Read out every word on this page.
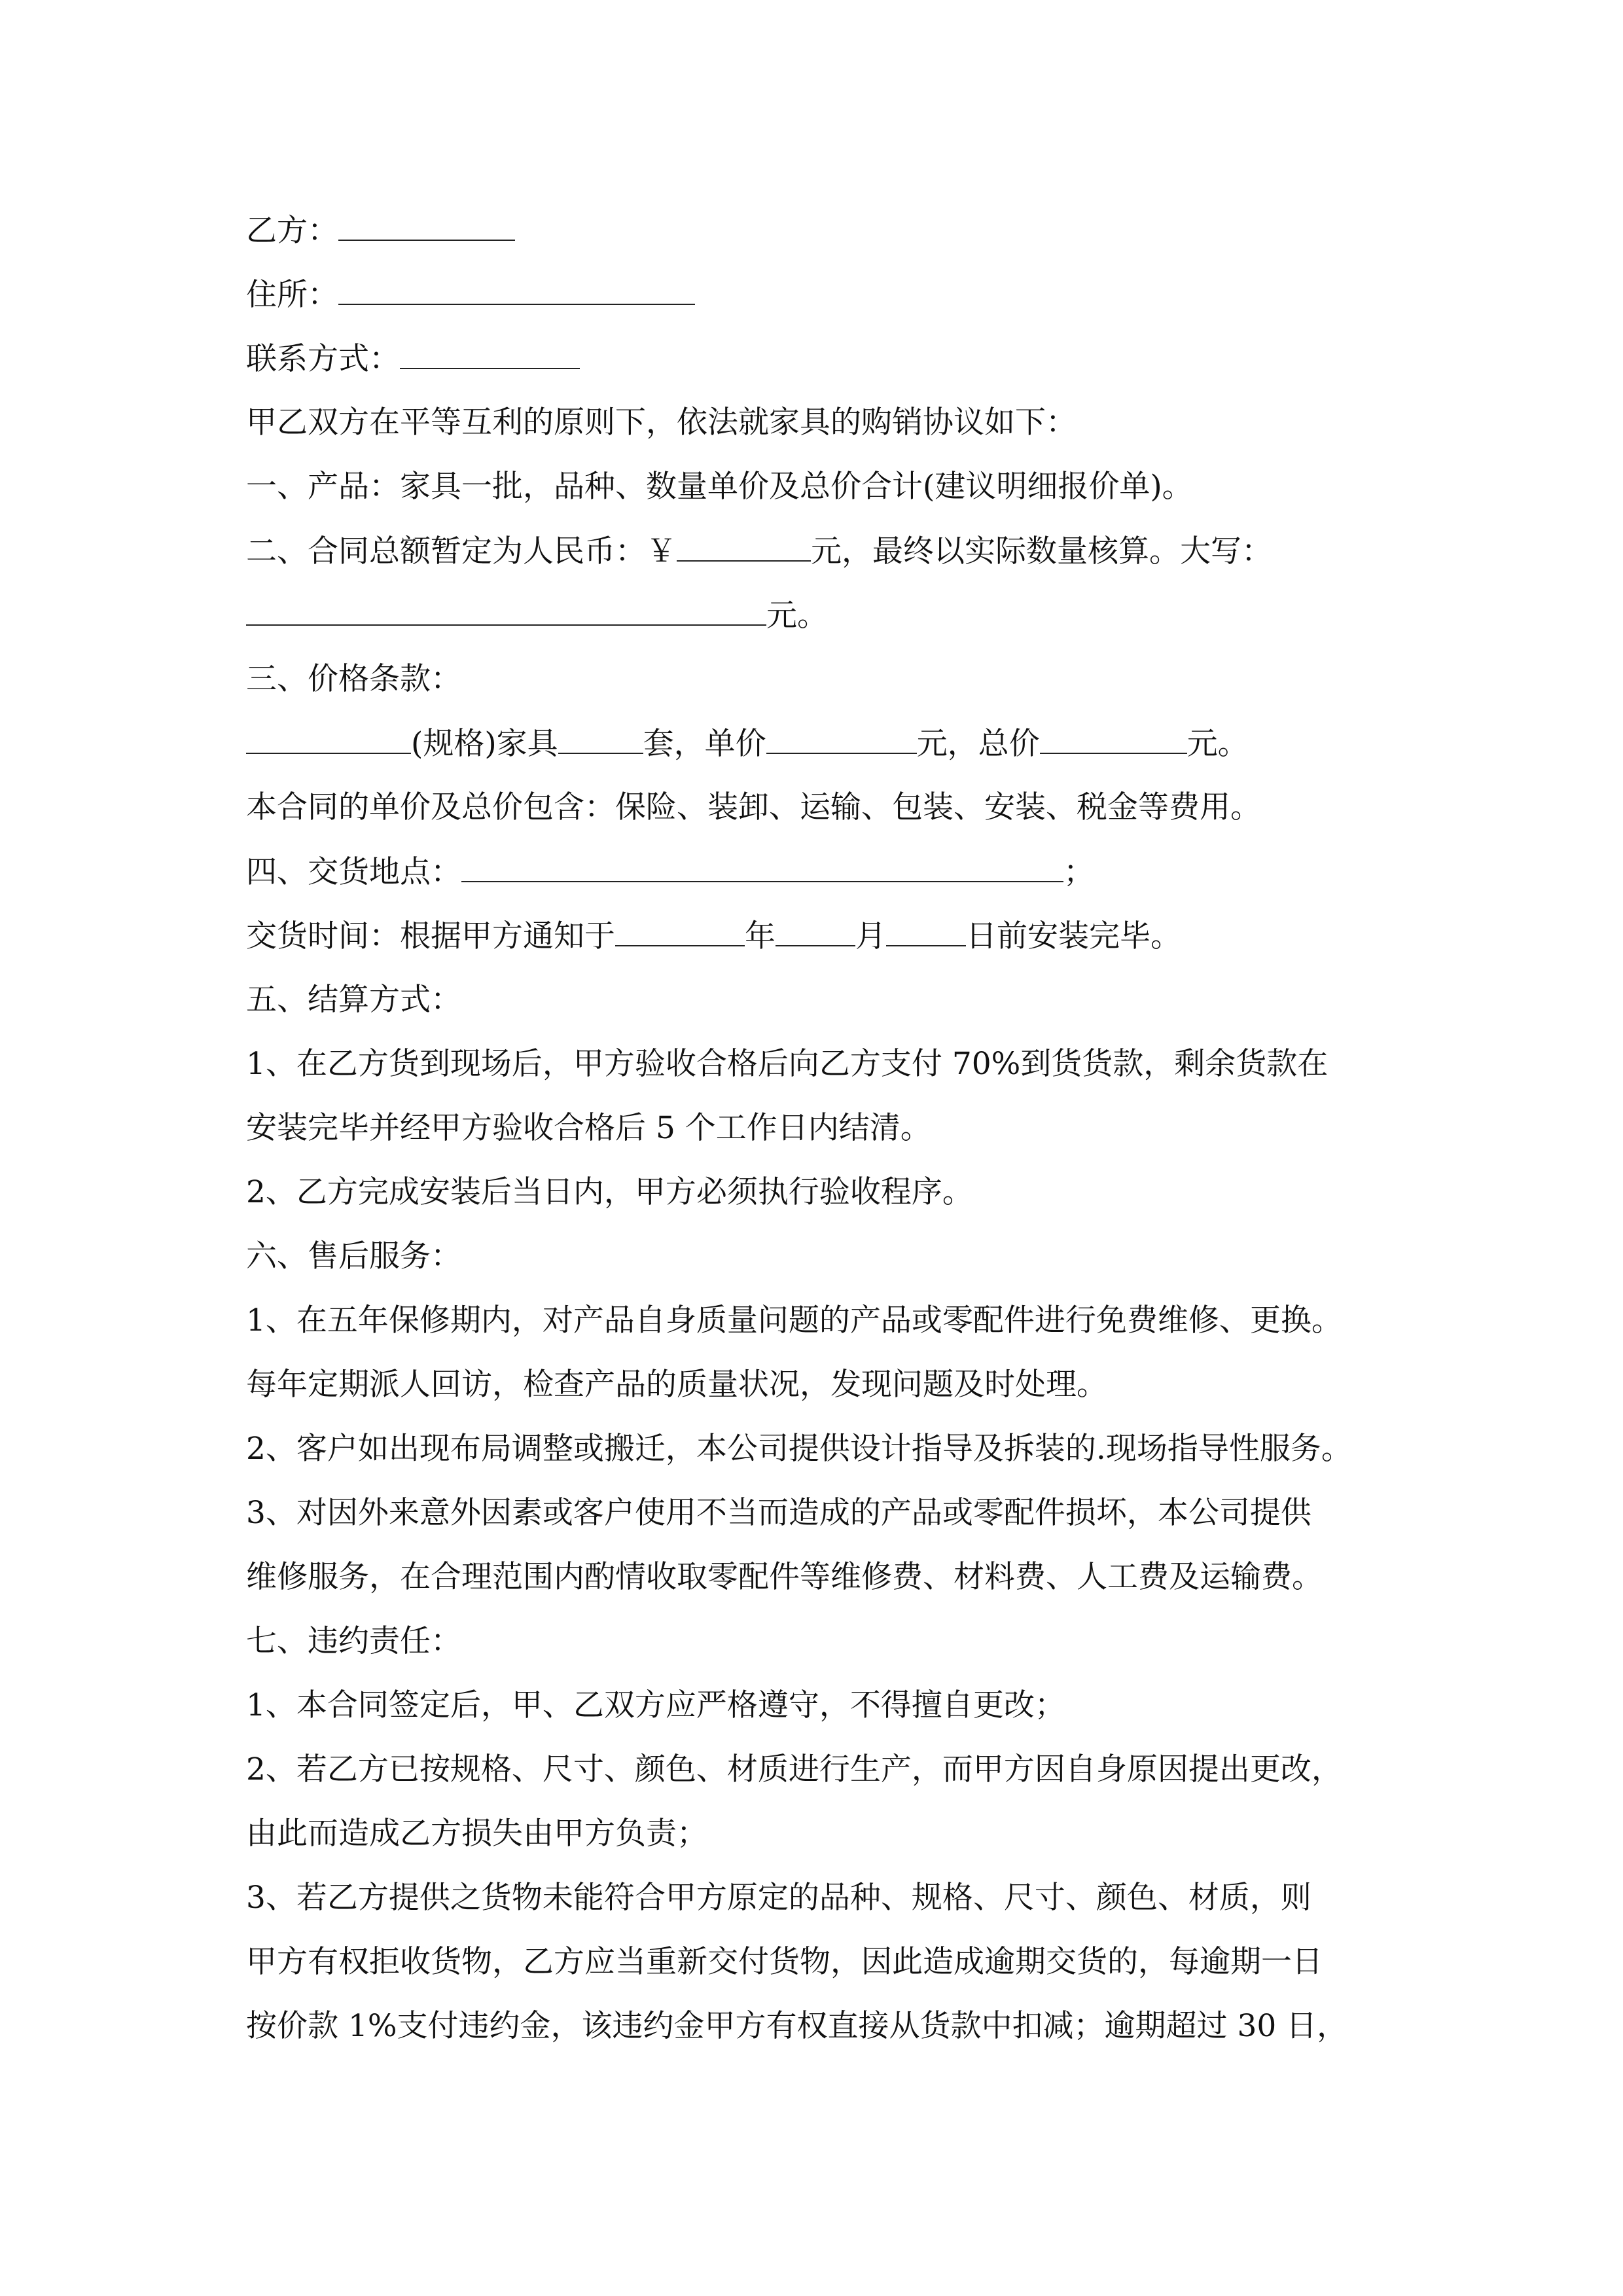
乙方：

住所：

联系方式：

甲乙双方在平等互利的原则下，依法就家具的购销协议如下：

一、产品：家具一批，品种、数量单价及总价合计(建议明细报价单)。

二、合同总额暂定为人民币：￥	元，最终以实际数量核算。大写：

元。

三、价格条款：

(规格)家具	套，单价	元，总价	元。

本合同的单价及总价包含：保险、装卸、运输、包装、安装、税金等费用。

四、交货地点：	；

交货时间：根据甲方通知于	年	月	日前安装完毕。

五、结算方式：

1、在乙方货到现场后，甲方验收合格后向乙方支付 70%到货货款，剩余货款在

安装完毕并经甲方验收合格后 5 个工作日内结清。

2、乙方完成安装后当日内，甲方必须执行验收程序。

六、售后服务：

1、在五年保修期内，对产品自身质量问题的产品或零配件进行免费维修、更换。

每年定期派人回访，检查产品的质量状况，发现问题及时处理。

2、客户如出现布局调整或搬迁，本公司提供设计指导及拆装的.现场指导性服务。

3、对因外来意外因素或客户使用不当而造成的产品或零配件损坏，本公司提供

维修服务，在合理范围内酌情收取零配件等维修费、材料费、人工费及运输费。

七、违约责任：

1、本合同签定后，甲、乙双方应严格遵守，不得擅自更改；

2、若乙方已按规格、尺寸、颜色、材质进行生产，而甲方因自身原因提出更改，

由此而造成乙方损失由甲方负责；

3、若乙方提供之货物未能符合甲方原定的品种、规格、尺寸、颜色、材质，则

甲方有权拒收货物，乙方应当重新交付货物，因此造成逾期交货的，每逾期一日

按价款 1%支付违约金，该违约金甲方有权直接从货款中扣减；逾期超过 30 日，
